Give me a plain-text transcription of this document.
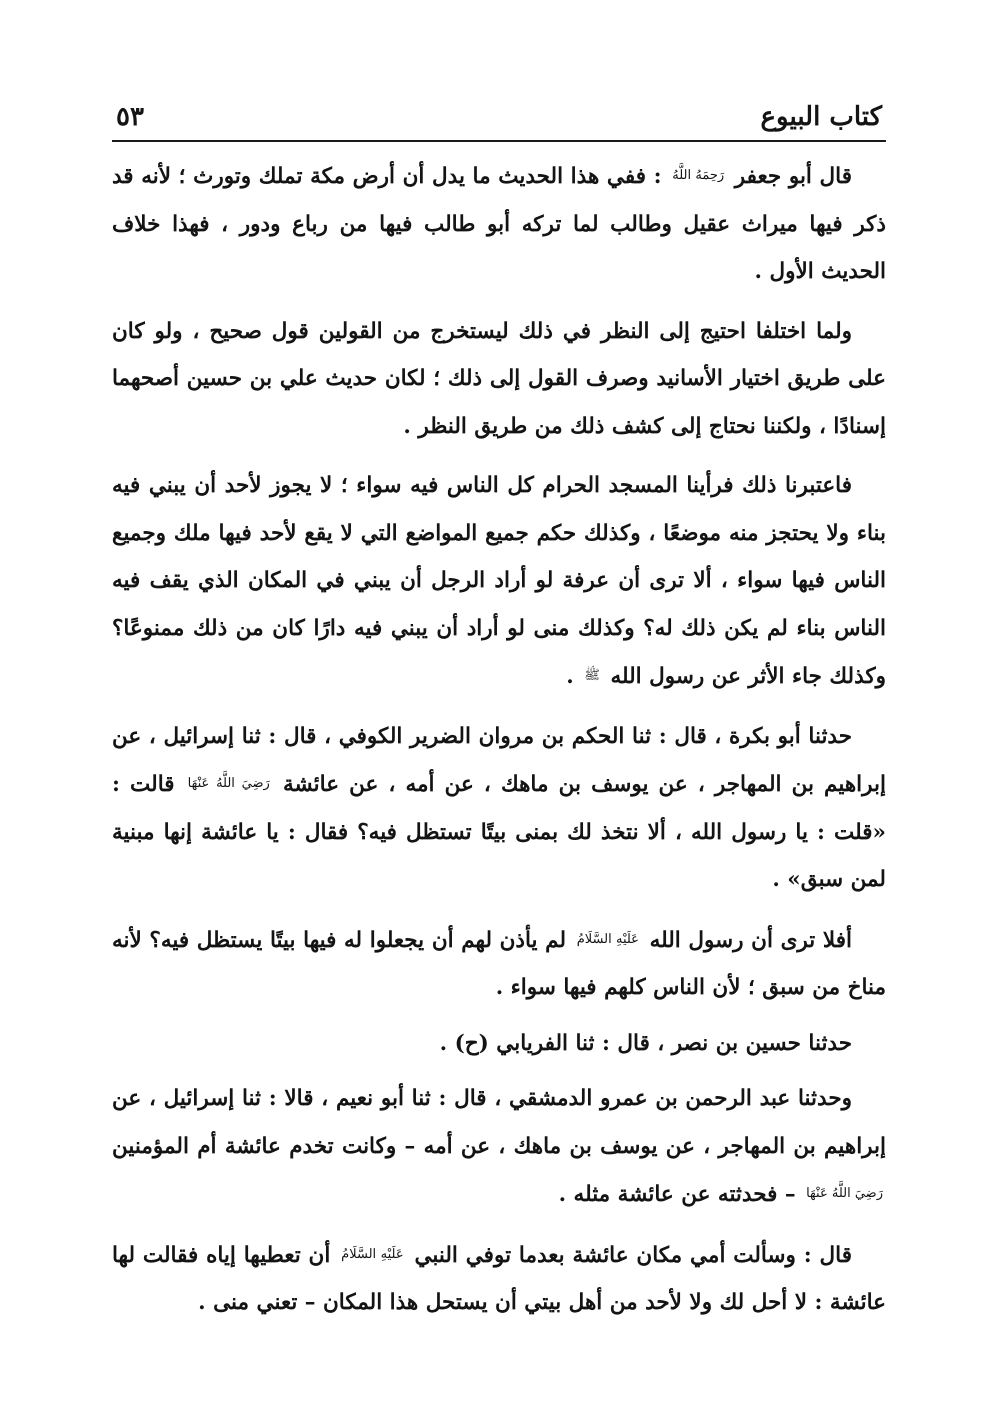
كتاب البيوع
٥٣

قال أبو جعفر رَحِمَهُ اللَّهُ : ففي هذا الحديث ما يدل أن أرض مكة تملك وتورث ؛ لأنه قد ذكر فيها ميراث عقيل وطالب لما تركه أبو طالب فيها من رباع ودور ، فهذا خلاف الحديث الأول .

ولما اختلفا احتيج إلى النظر في ذلك ليستخرج من القولين قول صحيح ، ولو كان على طريق اختيار الأسانيد وصرف القول إلى ذلك ؛ لكان حديث علي بن حسين أصحهما إسنادًا ، ولكننا نحتاج إلى كشف ذلك من طريق النظر .

فاعتبرنا ذلك فرأينا المسجد الحرام كل الناس فيه سواء ؛ لا يجوز لأحد أن يبني فيه بناء ولا يحتجز منه موضعًا ، وكذلك حكم جميع المواضع التي لا يقع لأحد فيها ملك وجميع الناس فيها سواء ، ألا ترى أن عرفة لو أراد الرجل أن يبني في المكان الذي يقف فيه الناس بناء لم يكن ذلك له؟ وكذلك منى لو أراد أن يبني فيه دارًا كان من ذلك ممنوعًا؟ وكذلك جاء الأثر عن رسول الله ﷺ .

حدثنا أبو بكرة ، قال : ثنا الحكم بن مروان الضرير الكوفي ، قال : ثنا إسرائيل ، عن إبراهيم بن المهاجر ، عن يوسف بن ماهك ، عن أمه ، عن عائشة رَضِيَ اللَّهُ عَنْهَا قالت : «قلت : يا رسول الله ، ألا نتخذ لك بمنى بيتًا تستظل فيه؟ فقال : يا عائشة إنها مبنية لمن سبق» .

أفلا ترى أن رسول الله عَلَيْهِ السَّلَامُ لم يأذن لهم أن يجعلوا له فيها بيتًا يستظل فيه؟ لأنه مناخ من سبق ؛ لأن الناس كلهم فيها سواء .

حدثنا حسين بن نصر ، قال : ثنا الفريابي (ح) .

وحدثنا عبد الرحمن بن عمرو الدمشقي ، قال : ثنا أبو نعيم ، قالا : ثنا إسرائيل ، عن إبراهيم بن المهاجر ، عن يوسف بن ماهك ، عن أمه – وكانت تخدم عائشة أم المؤمنين رَضِيَ اللَّهُ عَنْهَا – فحدثته عن عائشة مثله .

قال : وسألت أمي مكان عائشة بعدما توفي النبي عَلَيْهِ السَّلَامُ أن تعطيها إياه فقالت لها عائشة : لا أحل لك ولا لأحد من أهل بيتي أن يستحل هذا المكان – تعني منى .
